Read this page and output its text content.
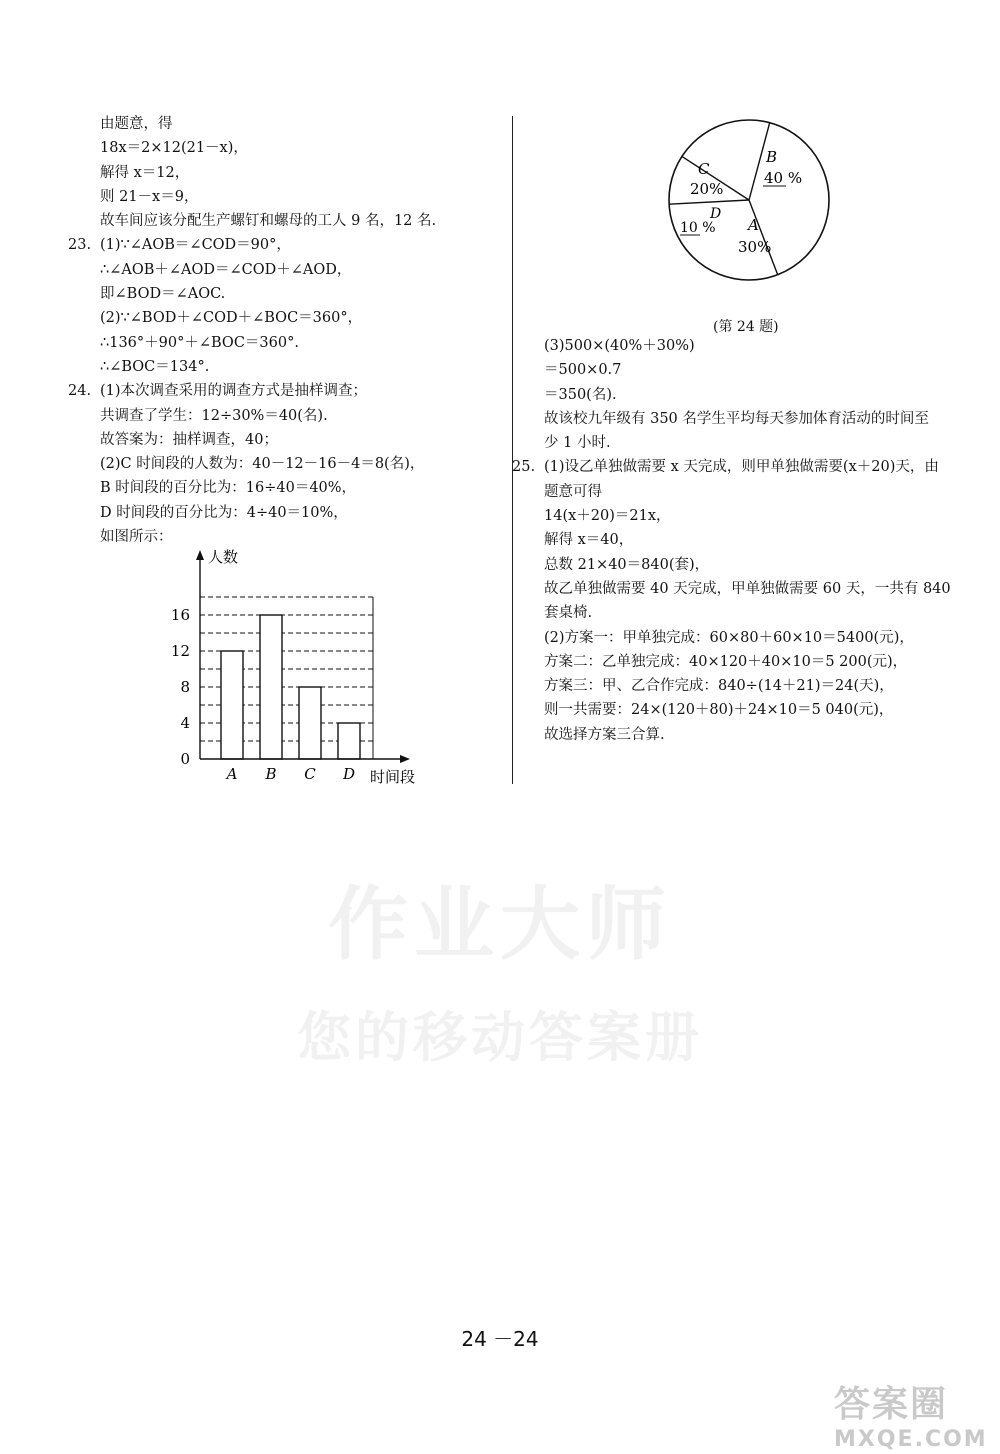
由题意，得

18x＝2×12(21－x)，

解得 x＝12，

则 21－x＝9，

故车间应该分配生产螺钉和螺母的工人 9 名，12 名.

23. (1)∵∠AOB＝∠COD＝90°，

∴∠AOB＋∠AOD＝∠COD＋∠AOD，

即∠BOD＝∠AOC.

(2)∵∠BOD＋∠COD＋∠BOC＝360°，

∴136°＋90°＋∠BOC＝360°.

∴∠BOC＝134°.

24. (1)本次调查采用的调查方式是抽样调查；

共调查了学生：12÷30%＝40(名).

故答案为：抽样调查，40；

(2)C 时间段的人数为：40－12－16－4＝8(名)，

B 时间段的百分比为：16÷40＝40%，

D 时间段的百分比为：4÷40＝10%，

如图所示：

人数
时间段
0
4
8
12
16
A B C D
B
40 %
A
30%
C
20%
D
10 %
(第 24 题)

(3)500×(40%＋30%)

＝500×0.7

＝350(名).

故该校九年级有 350 名学生平均每天参加体育活动的时间至

少 1 小时.

25. (1)设乙单独做需要 x 天完成，则甲单独做需要(x＋20)天，由

题意可得

14(x＋20)＝21x，

解得 x＝40，

总数 21×40＝840(套)，

故乙单独做需要 40 天完成，甲单独做需要 60 天，一共有 840

套桌椅.

(2)方案一：甲单独完成：60×80＋60×10＝5400(元)，

方案二：乙单独完成：40×120＋40×10＝5 200(元)，

方案三：甲、乙合作完成：840÷(14＋21)＝24(天)，

则一共需要：24×(120＋80)＋24×10＝5 040(元)，

故选择方案三合算.

作业大师
您的移动答案册
24 －24
答案圈
MXQE.COM
